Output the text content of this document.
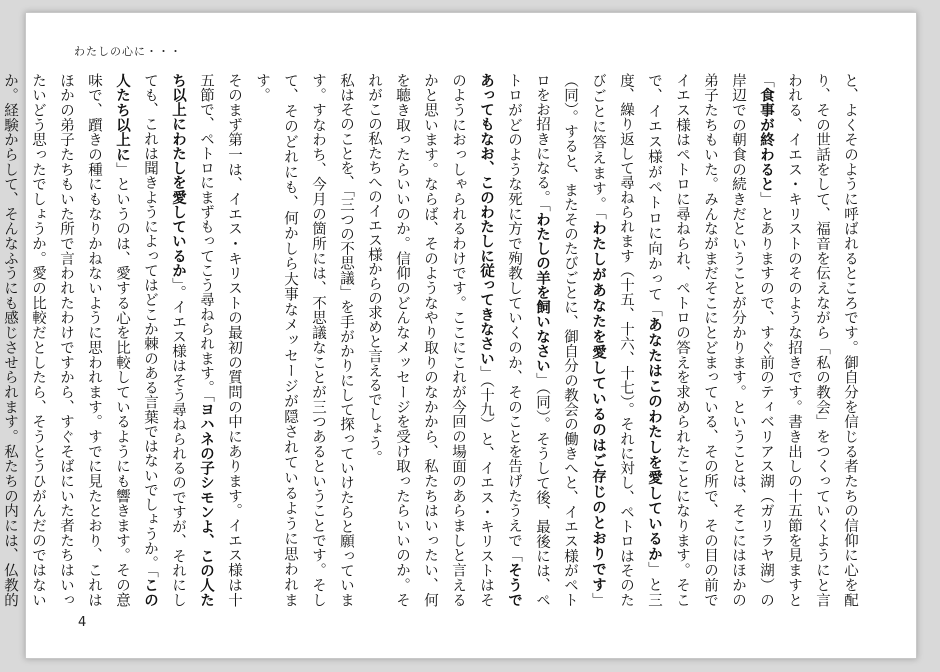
わたしの心に・・・

と、よくそのように呼ばれるところです。御自分を信じる者たちの信仰に心を配り、その世話をして、福音を伝えながら「私の教会」をつくっていくようにと言われる、イエス・キリストのそのような招きです。書き出しの十五節を見ますと「食事が終わると」とありますので、すぐ前のティベリアス湖（ガリラヤ湖）の岸辺での朝食の続きだということが分かります。ということは、そこにはほかの弟子たちもいた。みんながまだそこにとどまっている、その所で、その目の前でイエス様はペトロに尋ねられ、ペトロの答えを求められたことになります。そこで、イエス様がペトロに向かって「あなたはこのわたしを愛しているか」と三度、繰り返して尋ねられます（十五、十六、十七）。それに対し、ペトロはそのたびごとに答えます。「わたしがあなたを愛しているのはご存じのとおりです」（同）。すると、またそのたびごとに、御自分の教会の働きへと、イエス様がペトロをお招きになる。「わたしの羊を飼いなさい」（同）。そうして後、最後には、ペトロがどのような死に方で殉教していくのか、そのことを告げたうえで「そうであってもなお、このわたしに従ってきなさい」（十九）と、イエス・キリストはそのようにおっしゃられるわけです。ここにこれが今回の場面のあらましと言えるかと思います。ならば、そのようなやり取りのなかから、私たちはいったい、何を聴き取ったらいいのか。信仰のどんなメッセージを受け取ったらいいのか。それがこの私たちへのイエス様からの求めと言えるでしょう。

私はそのことを、「三つの不思議」を手がかりにして探っていけたらと願っています。すなわち、今月の箇所には、不思議なことが三つあるということです。そして、そのどれにも、何かしら大事なメッセージが隠されているように思われます。

そのまず第一は、イエス・キリストの最初の質問の中にあります。イエス様は十五節で、ペトロにまずもってこう尋ねられます。「ヨハネの子シモンよ、この人たち以上にわたしを愛しているか」。イエス様はそう尋ねられるのですが、それにしても、これは聞きようによってはどこか棘のある言葉ではないでしょうか。「この人たち以上に」というのは、愛する心を比較しているようにも響きます。その意味で、躓きの種にもなりかねないように思われます。すでに見たとおり、これはほかの弟子たちもいた所で言われたわけですから、すぐそばにいた者たちはいったいどう思ったでしょうか。愛の比較だとしたら、そうとうひがんだのではないか。経験からして、そんなふうにも感じさせられます。私たちの内には、仏教的

4
